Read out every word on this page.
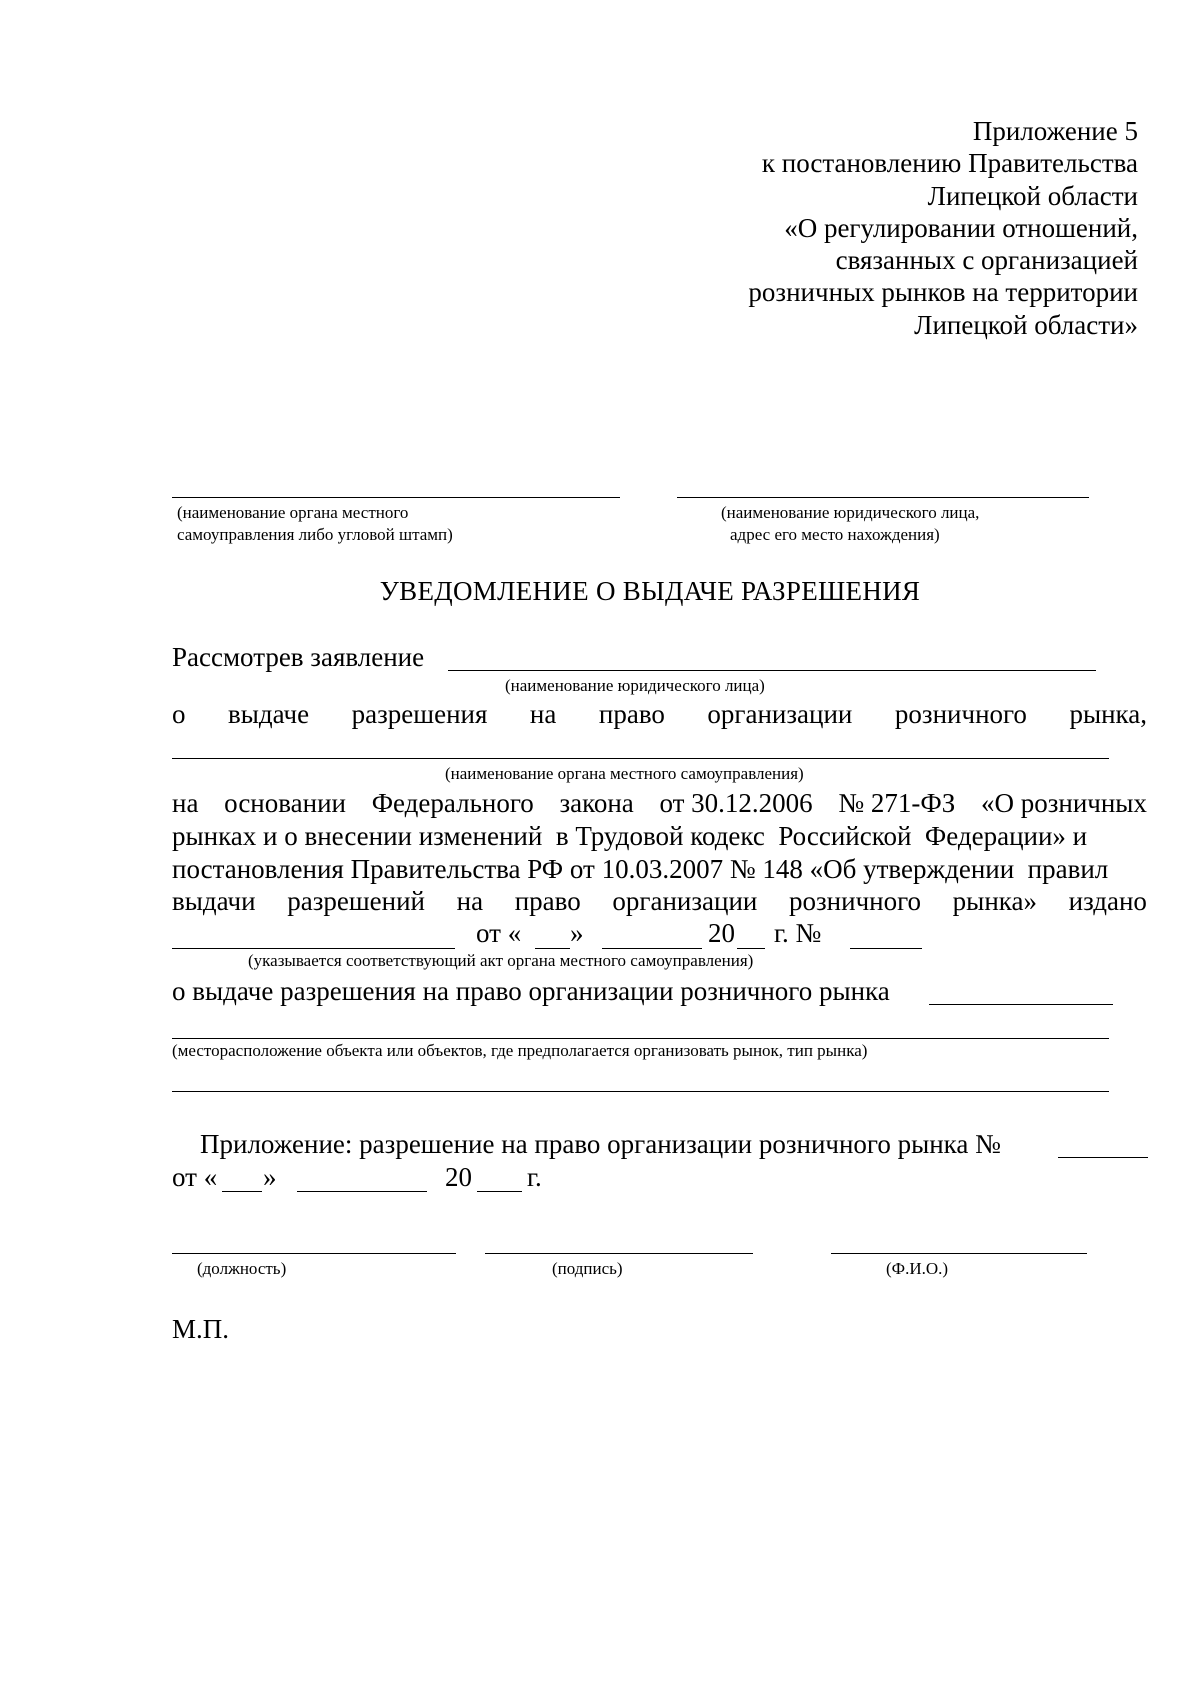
Приложение 5
к постановлению Правительства
Липецкой области
«О регулировании отношений,
связанных с организацией
розничных рынков на территории
Липецкой области»
(наименование органа местного
самоуправления либо угловой штамп)
(наименование юридического лица,
адрес его место нахождения)
УВЕДОМЛЕНИЕ О ВЫДАЧЕ РАЗРЕШЕНИЯ
Рассмотрев заявление
(наименование юридического лица)
о выдаче разрешения на право организации розничного рынка,
(наименование органа местного самоуправления)
на основании Федерального закона от 30.12.2006 № 271-ФЗ «О розничных
рынках и о внесении изменений  в Трудовой кодекс  Российской  Федерации» и
постановления Правительства РФ от 10.03.2007 № 148 «Об утверждении  правил
выдачи разрешений на право организации розничного рынка» издано
от « »	20 г. №
(указывается соответствующий акт органа местного самоуправления)
о выдаче разрешения на право организации розничного рынка
(месторасположение объекта или объектов, где предполагается организовать рынок, тип рынка)
Приложение: разрешение на право организации розничного рынка №
от « »	20 г.
(должность)	(подпись)	(Ф.И.О.)
М.П.
